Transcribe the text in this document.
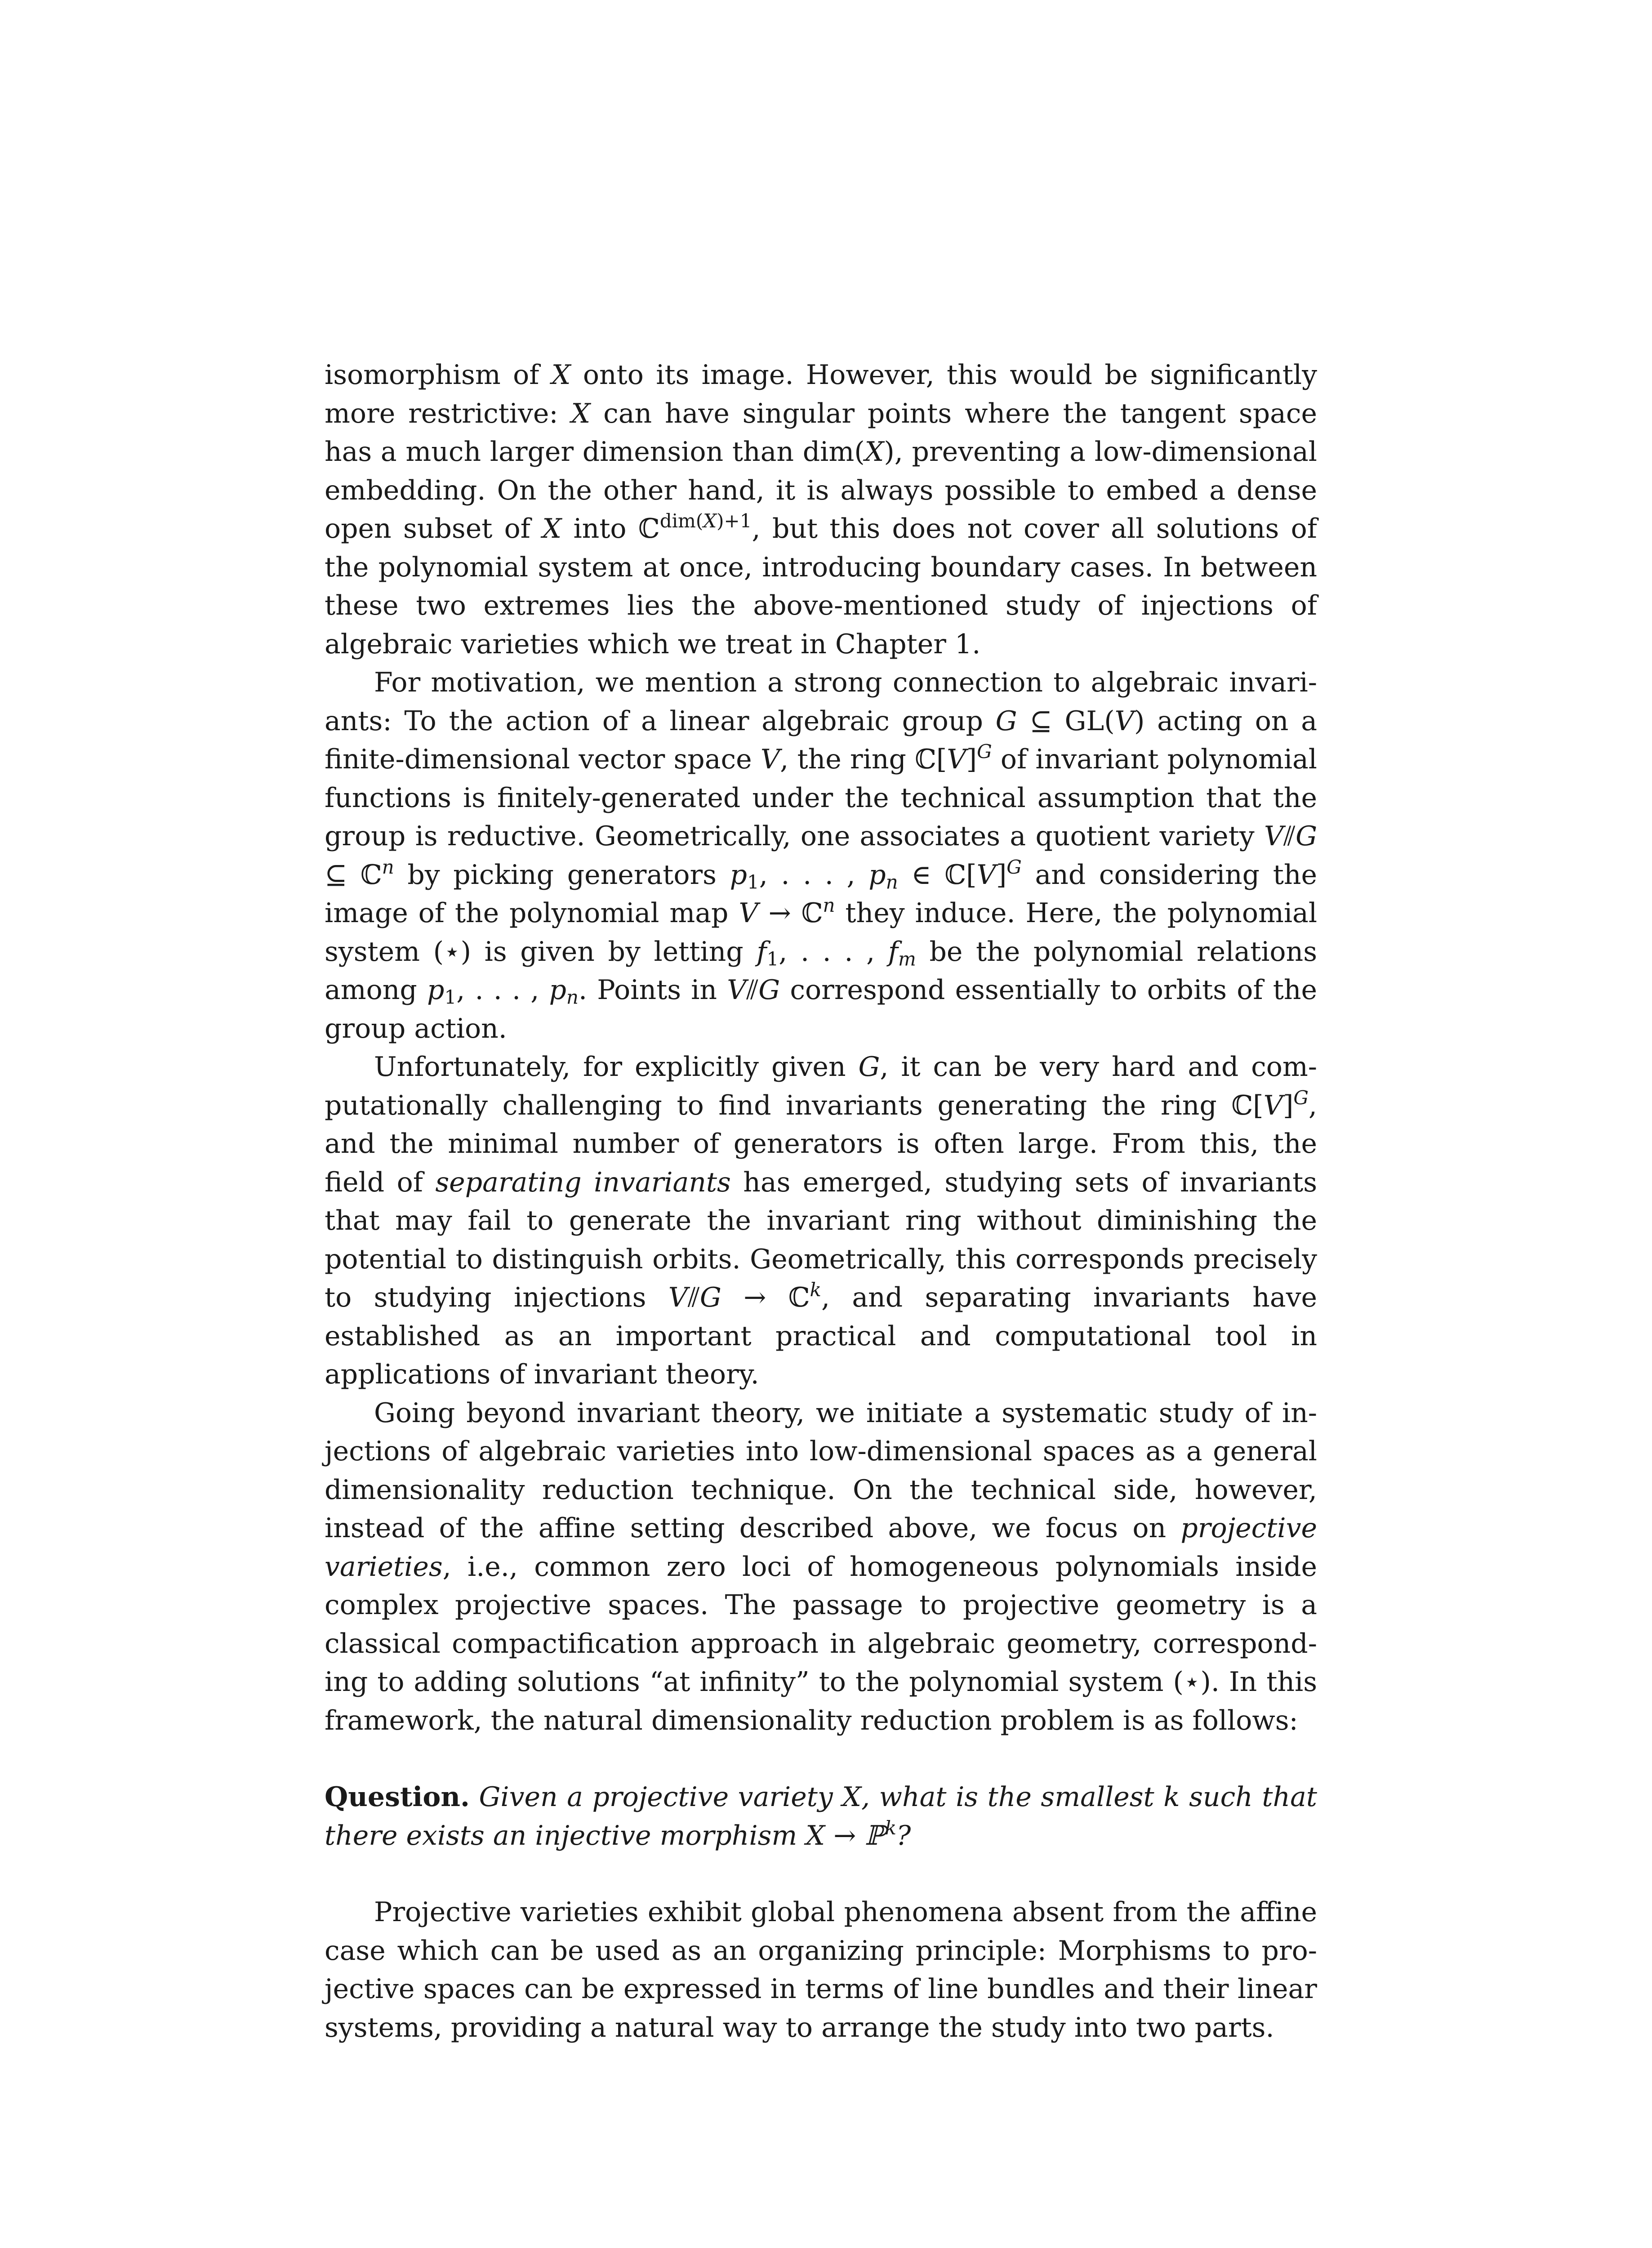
isomorphism of X onto its image. However, this would be significantly more restrictive: X can have singular points where the tangent space has a much larger dimension than dim(X), preventing a low-dimensional embedding. On the other hand, it is always possible to embed a dense open subset of X into ℂ$^{dim(X)+1}$, but this does not cover all solutions of the polynomial system at once, introducing boundary cases. In between these two extremes lies the above-mentioned study of injections of algebraic varieties which we treat in Chapter 1.

For motivation, we mention a strong connection to algebraic invariants: To the action of a linear algebraic group G ⊆ GL(V) acting on a finite-dimensional vector space V, the ring $ℂ[V]^G$ of invariant polynomial functions is finitely-generated under the technical assumption that the group is reductive. Geometrically, one associates a quotient variety V⫽G ⊆ ℂ$^n$ by picking generators $p_1$, . . . , $p_n$ ∈ $ℂ[V]^G$ and considering the image of the polynomial map V → ℂ$^n$ they induce. Here, the polynomial system (⋆) is given by letting $f_1$, . . . , $f_m$ be the polynomial relations among $p_1$, . . . , $p_n$. Points in V⫽G correspond essentially to orbits of the group action.

Unfortunately, for explicitly given G, it can be very hard and computationally challenging to find invariants generating the ring $ℂ[V]^G$, and the minimal number of generators is often large. From this, the field of separating invariants has emerged, studying sets of invariants that may fail to generate the invariant ring without diminishing the potential to distinguish orbits. Geometrically, this corresponds precisely to studying injections V⫽G → ℂ$^k$, and separating invariants have established as an important practical and computational tool in applications of invariant theory.

Going beyond invariant theory, we initiate a systematic study of injections of algebraic varieties into low-dimensional spaces as a general dimensionality reduction technique. On the technical side, however, instead of the affine setting described above, we focus on projective varieties, i.e., common zero loci of homogeneous polynomials inside complex projective spaces. The passage to projective geometry is a classical compactification approach in algebraic geometry, corresponding to adding solutions “at infinity” to the polynomial system (⋆). In this framework, the natural dimensionality reduction problem is as follows:

Question. Given a projective variety X, what is the smallest k such that there exists an injective morphism X → ℙ$^k$?

Projective varieties exhibit global phenomena absent from the affine case which can be used as an organizing principle: Morphisms to projective spaces can be expressed in terms of line bundles and their linear systems, providing a natural way to arrange the study into two parts.
